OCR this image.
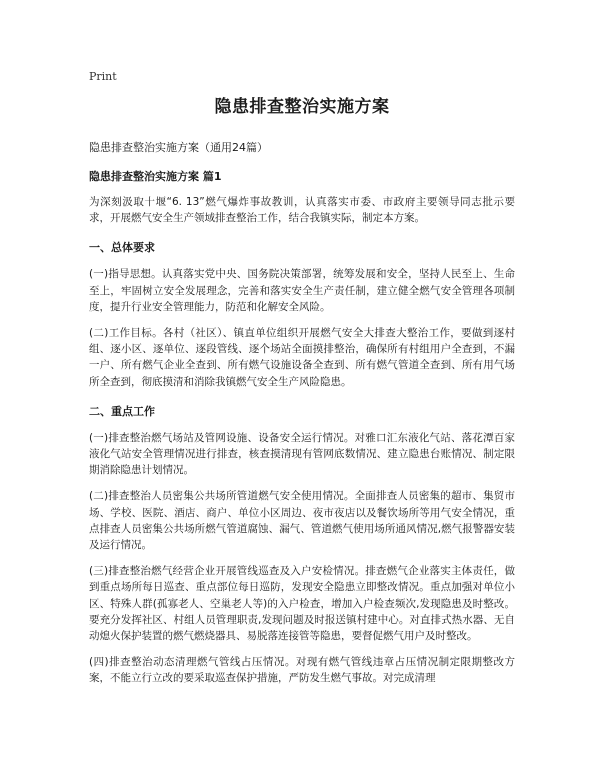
Print
隐患排查整治实施方案
隐患排查整治实施方案（通用24篇）
隐患排查整治实施方案 篇1

为深刻汲取十堰“6. 13”燃气爆炸事故教训，认真落实市委、市政府主要领导同志批示要求，开展燃气安全生产领域排查整治工作，结合我镇实际，制定本方案。

一、总体要求

(一)指导思想。认真落实党中央、国务院决策部署，统筹发展和安全，坚持人民至上、生命至上，牢固树立安全发展理念，完善和落实安全生产责任制，建立健全燃气安全管理各项制度，提升行业安全管理能力，防范和化解安全风险。

(二)工作目标。各村（社区）、镇直单位组织开展燃气安全大排查大整治工作，要做到逐村组、逐小区、逐单位、逐段管线、逐个场站全面摸排整治，确保所有村组用户全查到，不漏一户、所有燃气企业全查到、所有燃气设施设备全查到、所有燃气管道全查到、所有用气场所全查到，彻底摸清和消除我镇燃气安全生产风险隐患。

二、重点工作

(一)排查整治燃气场站及管网设施、设备安全运行情况。对雅口汇东液化气站、落花潭百家液化气站安全管理情况进行排查，核查摸清现有管网底数情况、建立隐患台账情况、制定限期消除隐患计划情况。

(二)排查整治人员密集公共场所管道燃气安全使用情况。全面排查人员密集的超市、集贸市场、学校、医院、酒店、商户、单位小区周边、夜市夜店以及餐饮场所等用气安全情况，重点排查人员密集公共场所燃气管道腐蚀、漏气、管道燃气使用场所通风情况,燃气报警器安装及运行情况。

(三)排查整治燃气经营企业开展管线巡查及入户安检情况。排查燃气企业落实主体责任，做到重点场所每日巡查、重点部位每日巡防，发现安全隐患立即整改情况。重点加强对单位小区、特殊人群(孤寡老人、空巢老人等)的入户检查，增加入户检查频次,发现隐患及时整改。要充分发挥社区、村组人员管理职责,发现问题及时报送镇村建中心。对直排式热水器、无自动熄火保护装置的燃气燃烧器具、易脱落连接管等隐患，要督促燃气用户及时整改。

(四)排查整治动态清理燃气管线占压情况。对现有燃气管线违章占压情况制定限期整改方案，不能立行立改的要采取巡查保护措施，严防发生燃气事故。对完成清理
